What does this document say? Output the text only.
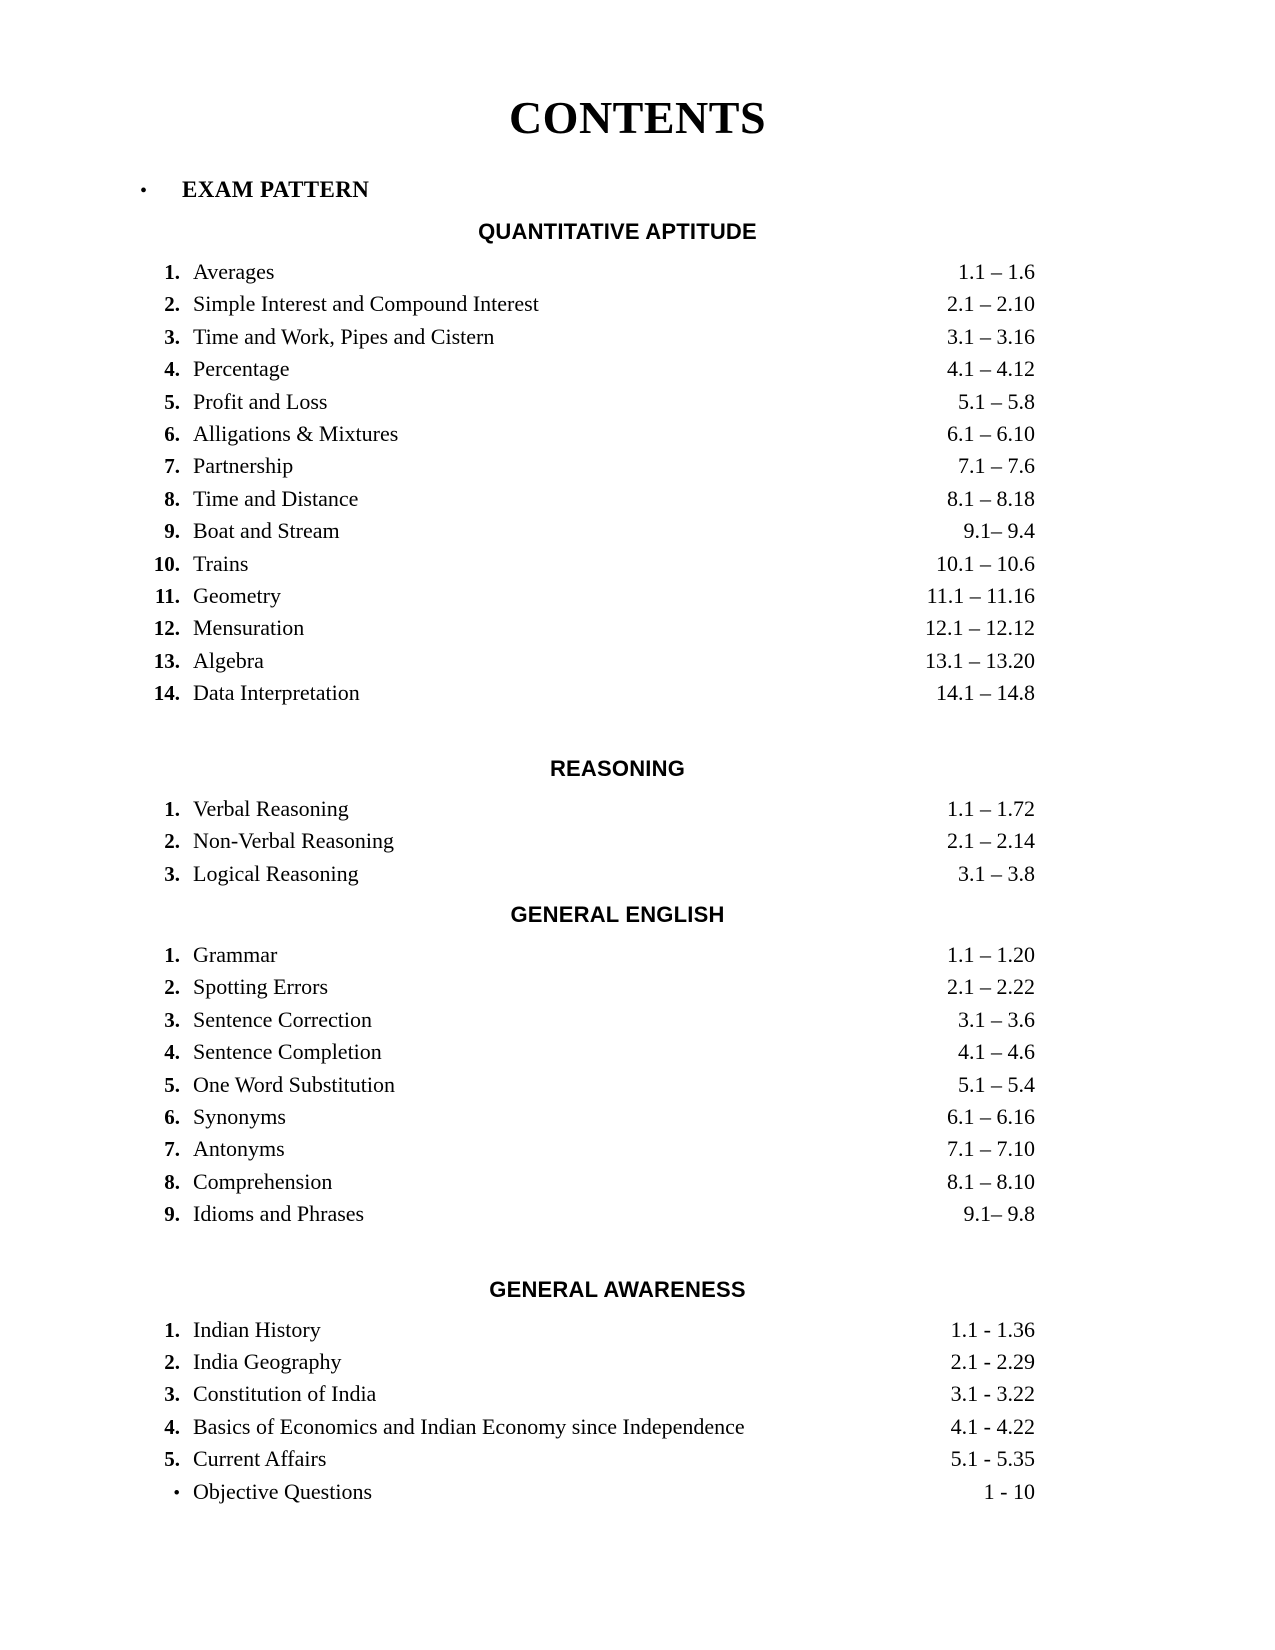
CONTENTS
•	EXAM PATTERN
QUANTITATIVE APTITUDE
1. Averages	1.1 – 1.6
2. Simple Interest and Compound Interest	2.1 – 2.10
3. Time and Work, Pipes and Cistern	3.1 – 3.16
4. Percentage	4.1 – 4.12
5. Profit and Loss	5.1 – 5.8
6. Alligations & Mixtures	6.1 – 6.10
7. Partnership	7.1 – 7.6
8. Time and Distance	8.1 – 8.18
9. Boat and Stream	9.1– 9.4
10. Trains	10.1 – 10.6
11. Geometry	11.1 – 11.16
12. Mensuration	12.1 – 12.12
13. Algebra	13.1 – 13.20
14. Data Interpretation	14.1 – 14.8
REASONING
1. Verbal Reasoning	1.1 – 1.72
2. Non-Verbal Reasoning	2.1 – 2.14
3. Logical Reasoning	3.1 – 3.8
GENERAL ENGLISH
1. Grammar	1.1 – 1.20
2. Spotting Errors	2.1 – 2.22
3. Sentence Correction	3.1 – 3.6
4. Sentence Completion	4.1 – 4.6
5. One Word Substitution	5.1 – 5.4
6. Synonyms	6.1 – 6.16
7. Antonyms	7.1 – 7.10
8. Comprehension	8.1 – 8.10
9. Idioms and Phrases	9.1– 9.8
GENERAL AWARENESS
1. Indian History	1.1 - 1.36
2. India Geography	2.1 - 2.29
3. Constitution of India	3.1 - 3.22
4. Basics of Economics and Indian Economy since Independence	4.1 - 4.22
5. Current Affairs	5.1 - 5.35
• Objective Questions	1 - 10
